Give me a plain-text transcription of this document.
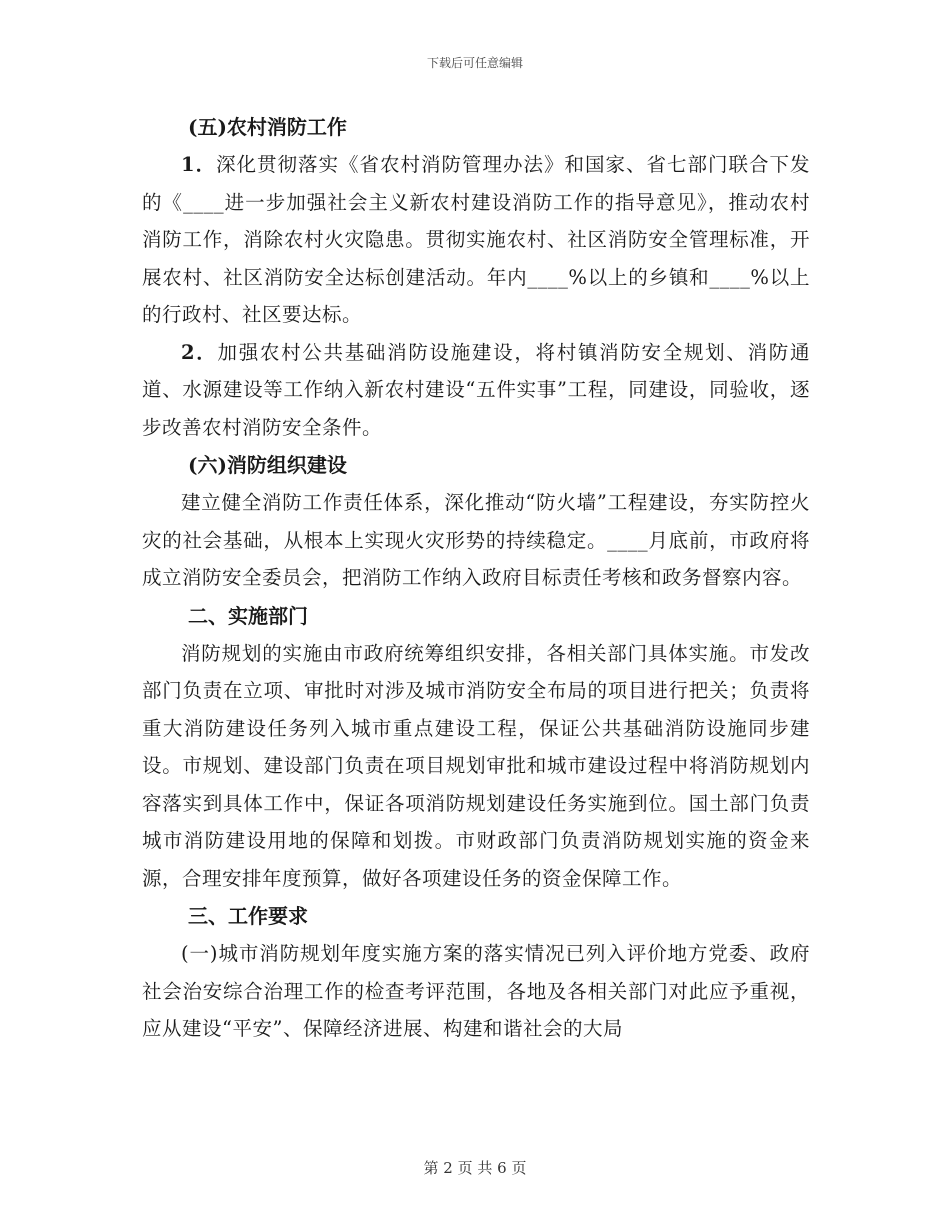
下载后可任意编辑
(五)农村消防工作

1．深化贯彻落实《省农村消防管理办法》和国家、省七部门联合下发的《____进一步加强社会主义新农村建设消防工作的指导意见》，推动农村消防工作，消除农村火灾隐患。贯彻实施农村、社区消防安全管理标准，开展农村、社区消防安全达标创建活动。年内____%以上的乡镇和____%以上的行政村、社区要达标。

2．加强农村公共基础消防设施建设，将村镇消防安全规划、消防通道、水源建设等工作纳入新农村建设“五件实事”工程，同建设，同验收，逐步改善农村消防安全条件。

(六)消防组织建设

建立健全消防工作责任体系，深化推动“防火墙”工程建设，夯实防控火灾的社会基础，从根本上实现火灾形势的持续稳定。____月底前，市政府将成立消防安全委员会，把消防工作纳入政府目标责任考核和政务督察内容。

二、实施部门

消防规划的实施由市政府统筹组织安排，各相关部门具体实施。市发改部门负责在立项、审批时对涉及城市消防安全布局的项目进行把关；负责将重大消防建设任务列入城市重点建设工程，保证公共基础消防设施同步建设。市规划、建设部门负责在项目规划审批和城市建设过程中将消防规划内容落实到具体工作中，保证各项消防规划建设任务实施到位。国土部门负责城市消防建设用地的保障和划拨。市财政部门负责消防规划实施的资金来源，合理安排年度预算，做好各项建设任务的资金保障工作。

三、工作要求

(一)城市消防规划年度实施方案的落实情况已列入评价地方党委、政府社会治安综合治理工作的检查考评范围，各地及各相关部门对此应予重视，应从建设“平安”、保障经济进展、构建和谐社会的大局

第 2 页 共 6 页
